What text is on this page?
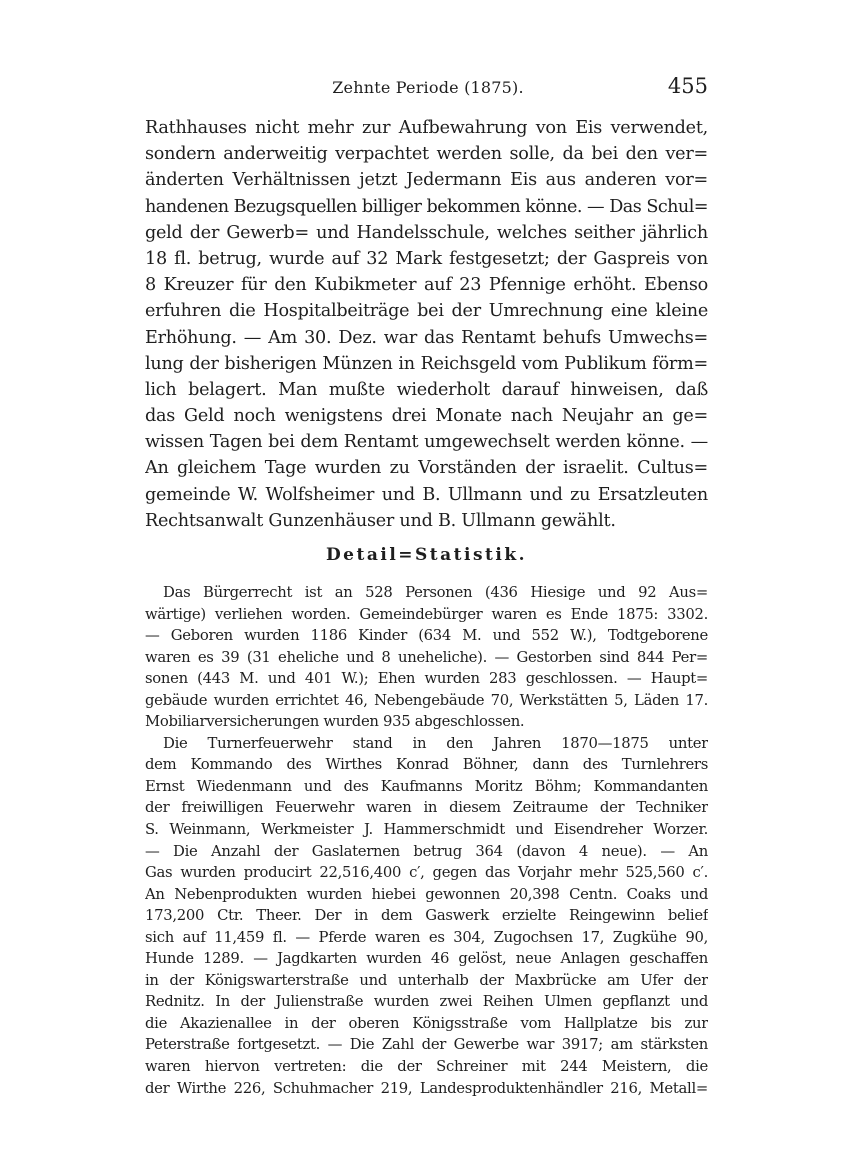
Zehnte Periode (1875).	455
Rathhauses nicht mehr zur Aufbewahrung von Eis verwendet,
sondern anderweitig verpachtet werden solle, da bei den ver=
änderten Verhältnissen jetzt Jedermann Eis aus anderen vor=
handenen Bezugsquellen billiger bekommen könne. — Das Schul=
geld der Gewerb= und Handelsschule, welches seither jährlich
18 fl. betrug, wurde auf 32 Mark festgesetzt; der Gaspreis von
8 Kreuzer für den Kubikmeter auf 23 Pfennige erhöht. Ebenso
erfuhren die Hospitalbeiträge bei der Umrechnung eine kleine
Erhöhung. — Am 30. Dez. war das Rentamt behufs Umwechs=
lung der bisherigen Münzen in Reichsgeld vom Publikum förm=
lich belagert. Man mußte wiederholt darauf hinweisen, daß
das Geld noch wenigstens drei Monate nach Neujahr an ge=
wissen Tagen bei dem Rentamt umgewechselt werden könne. —
An gleichem Tage wurden zu Vorständen der israelit. Cultus=
gemeinde W. Wolfsheimer und B. Ullmann und zu Ersatzleuten
Rechtsanwalt Gunzenhäuser und B. Ullmann gewählt.
Detail=Statistik.
Das Bürgerrecht ist an 528 Personen (436 Hiesige und 92 Aus=
wärtige) verliehen worden. Gemeindebürger waren es Ende 1875: 3302.
— Geboren wurden 1186 Kinder (634 M. und 552 W.), Todtgeborene
waren es 39 (31 eheliche und 8 uneheliche). — Gestorben sind 844 Per=
sonen (443 M. und 401 W.); Ehen wurden 283 geschlossen. — Haupt=
gebäude wurden errichtet 46, Nebengebäude 70, Werkstätten 5, Läden 17.
Mobiliarversicherungen wurden 935 abgeschlossen.
Die Turnerfeuerwehr stand in den Jahren 1870—1875 unter
dem Kommando des Wirthes Konrad Böhner, dann des Turnlehrers
Ernst Wiedenmann und des Kaufmanns Moritz Böhm; Kommandanten
der freiwilligen Feuerwehr waren in diesem Zeitraume der Techniker
S. Weinmann, Werkmeister J. Hammerschmidt und Eisendreher Worzer.
— Die Anzahl der Gaslaternen betrug 364 (davon 4 neue). — An
Gas wurden producirt 22,516,400 c′, gegen das Vorjahr mehr 525,560 c′.
An Nebenprodukten wurden hiebei gewonnen 20,398 Centn. Coaks und
173,200 Ctr. Theer. Der in dem Gaswerk erzielte Reingewinn belief
sich auf 11,459 fl. — Pferde waren es 304, Zugochsen 17, Zugkühe 90,
Hunde 1289. — Jagdkarten wurden 46 gelöst, neue Anlagen geschaffen
in der Königswarterstraße und unterhalb der Maxbrücke am Ufer der
Rednitz. In der Julienstraße wurden zwei Reihen Ulmen gepflanzt und
die Akazienallee in der oberen Königsstraße vom Hallplatze bis zur
Peterstraße fortgesetzt. — Die Zahl der Gewerbe war 3917; am stärksten
waren hiervon vertreten: die der Schreiner mit 244 Meistern, die
der Wirthe 226, Schuhmacher 219, Landesproduktenhändler 216, Metall=
